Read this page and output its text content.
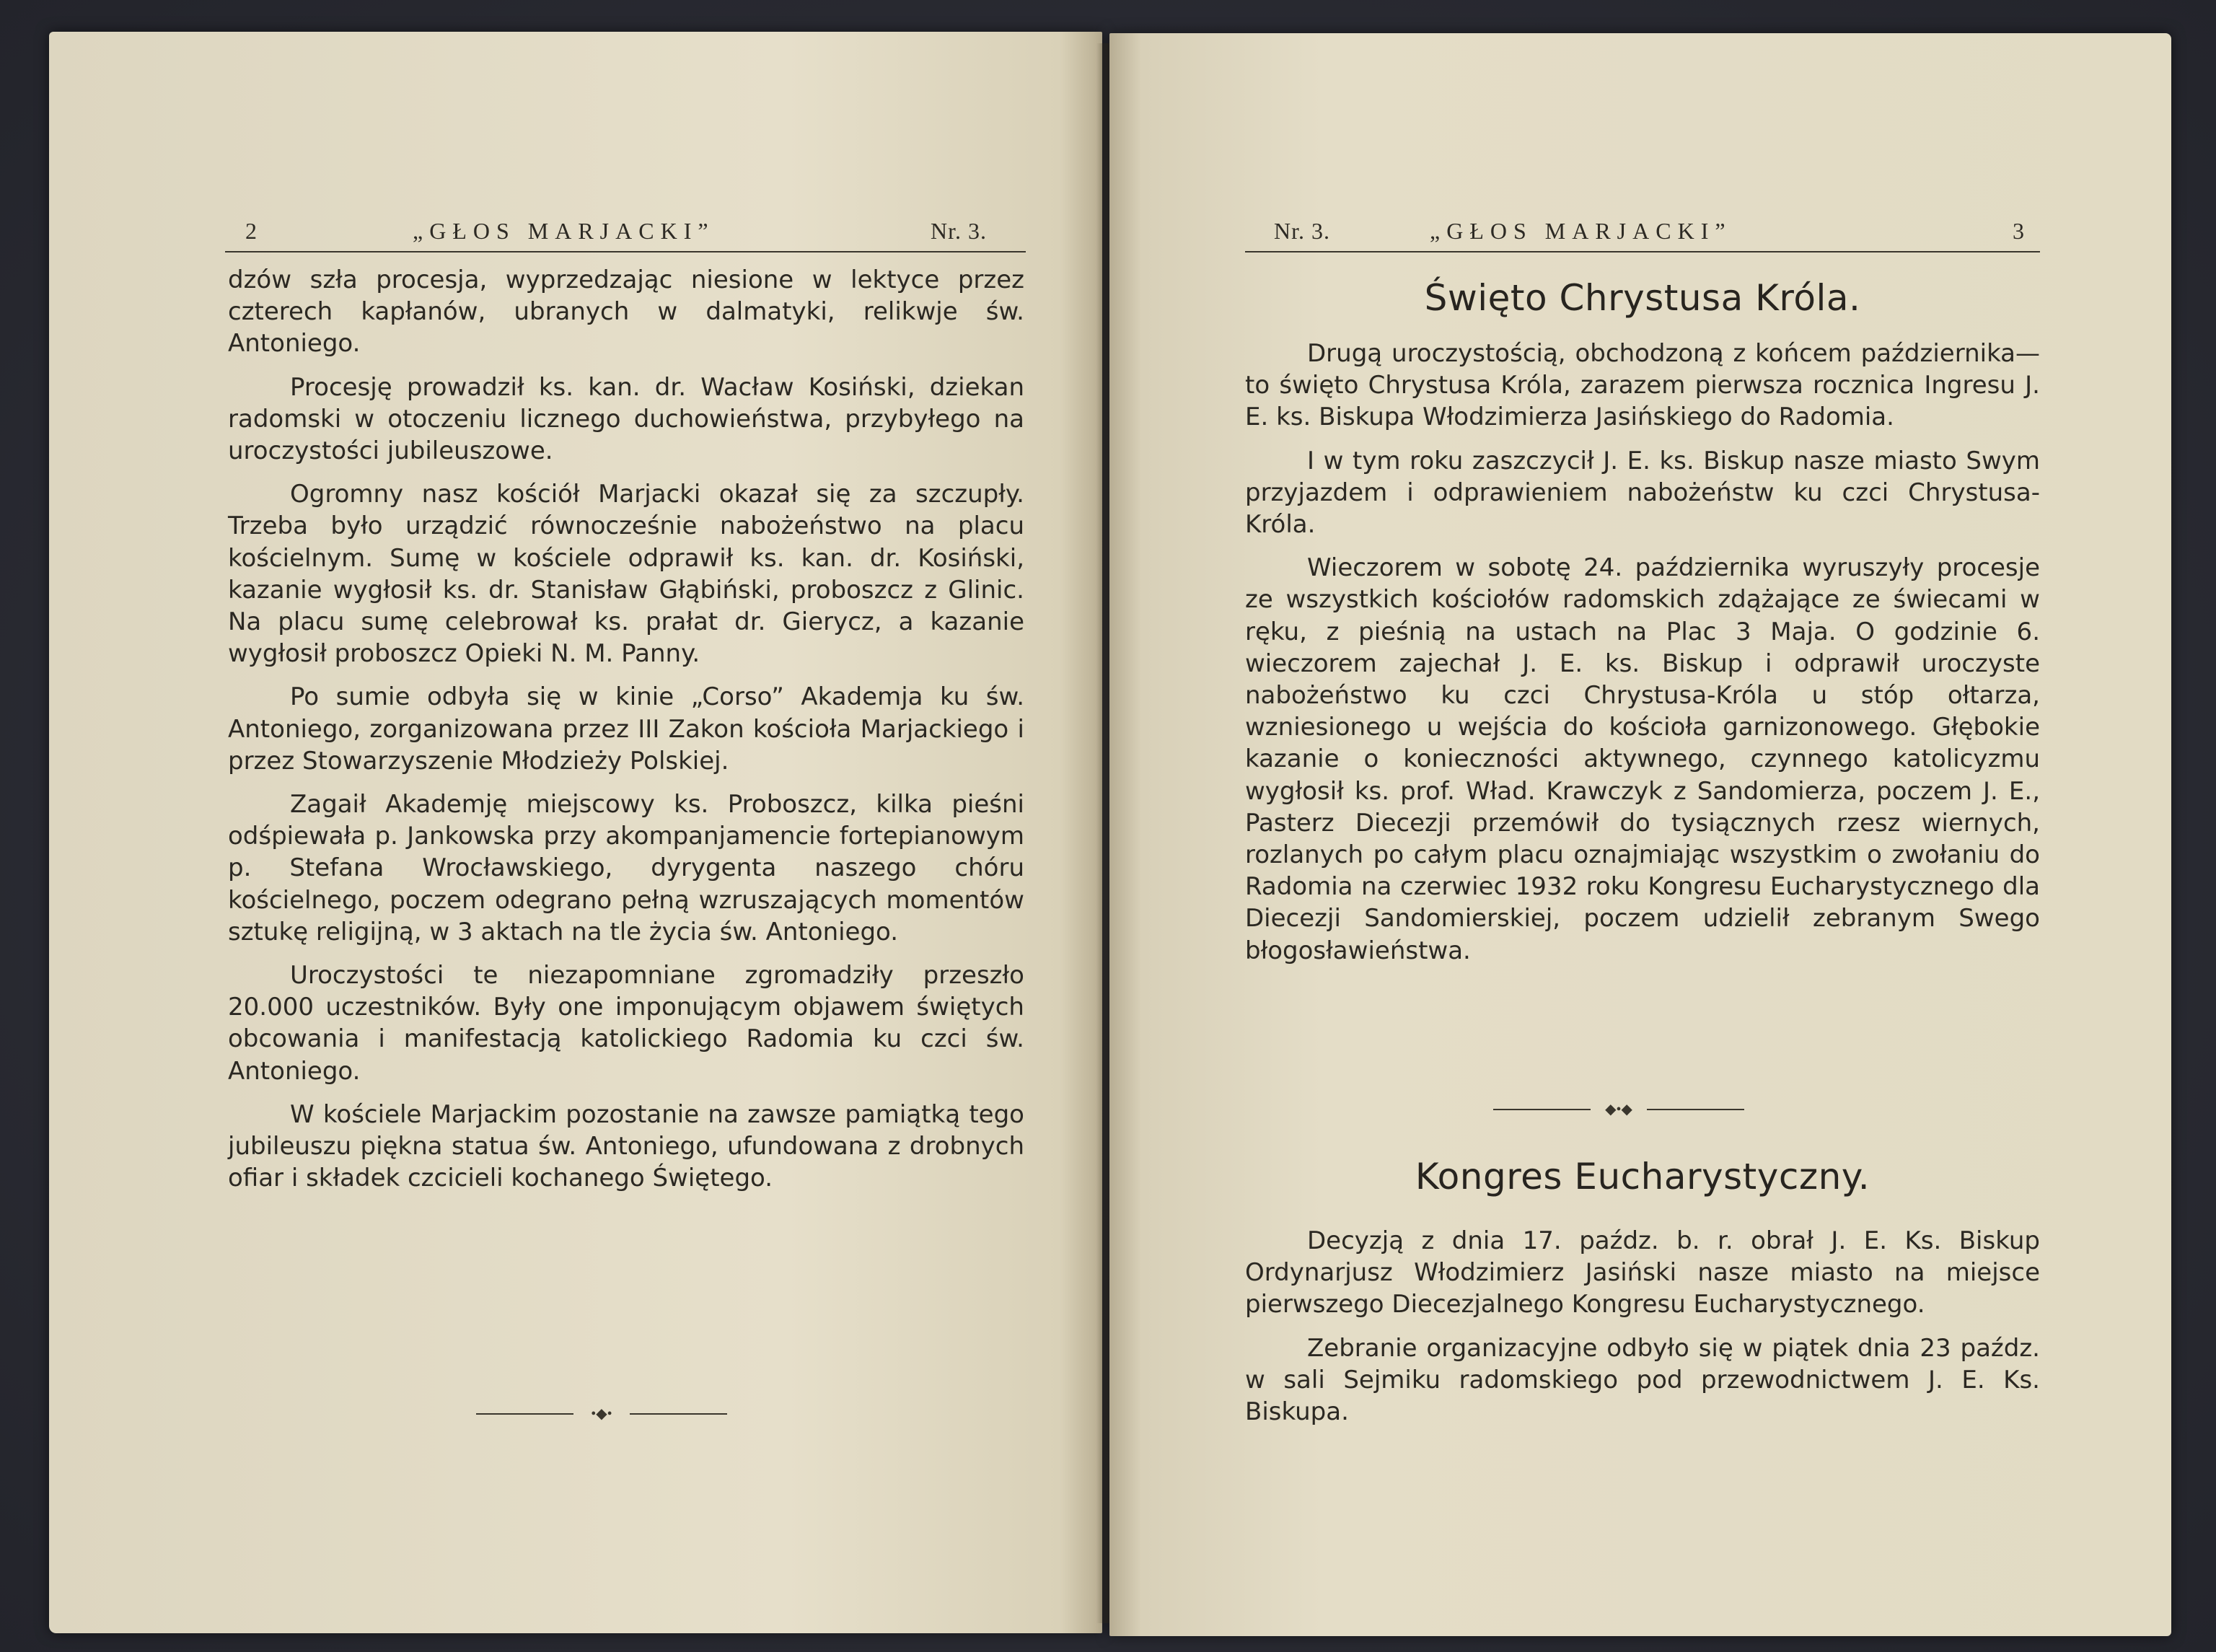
2	„GŁOS MARJACKI”	Nr. 3.

dzów szła procesja, wyprzedzając niesione w lektyce przez czterech kapłanów, ubranych w dalmatyki, relikwje św. Antoniego.

Procesję prowadził ks. kan. dr. Wacław Kosiński, dziekan radomski w otoczeniu licznego duchowieństwa, przybyłego na uroczystości jubileuszowe.

Ogromny nasz kościół Marjacki okazał się za szczupły. Trzeba było urządzić równocześnie nabożeństwo na placu kościelnym. Sumę w kościele odprawił ks. kan. dr. Kosiński, kazanie wygłosił ks. dr. Stanisław Głąbiński, proboszcz z Glinic. Na placu sumę celebrował ks. prałat dr. Gierycz, a kazanie wygłosił proboszcz Opieki N. M. Panny.

Po sumie odbyła się w kinie „Corso” Akademja ku św. Antoniego, zorganizowana przez III Zakon kościoła Marjackiego i przez Stowarzyszenie Młodzieży Polskiej.

Zagaił Akademję miejscowy ks. Proboszcz, kilka pieśni odśpiewała p. Jankowska przy akompanjamencie fortepianowym p. Stefana Wrocławskiego, dyrygenta naszego chóru kościelnego, poczem odegrano pełną wzruszających momentów sztukę religijną, w 3 aktach na tle życia św. Antoniego.

Uroczystości te niezapomniane zgromadziły przeszło 20.000 uczestników. Były one imponującym objawem świętych obcowania i manifestacją katolickiego Radomia ku czci św. Antoniego.

W kościele Marjackim pozostanie na zawsze pamiątką tego jubileuszu piękna statua św. Antoniego, ufundowana z drobnych ofiar i składek czcicieli kochanego Świętego.

•◆•
Nr. 3.	„GŁOS MARJACKI”	3
Święto Chrystusa Króla.

Drugą uroczystością, obchodzoną z końcem października—to święto Chrystusa Króla, zarazem pierwsza rocznica Ingresu J. E. ks. Biskupa Włodzimierza Jasińskiego do Radomia.

I w tym roku zaszczycił J. E. ks. Biskup nasze miasto Swym przyjazdem i odprawieniem nabożeństw ku czci Chrystusa-Króla.

Wieczorem w sobotę 24. października wyruszyły procesje ze wszystkich kościołów radomskich zdążające ze świecami w ręku, z pieśnią na ustach na Plac 3 Maja. O godzinie 6. wieczorem zajechał J. E. ks. Biskup i odprawił uroczyste nabożeństwo ku czci Chrystusa-Króla u stóp ołtarza, wzniesionego u wejścia do kościoła garnizonowego. Głębokie kazanie o konieczności aktywnego, czynnego katolicyzmu wygłosił ks. prof. Wład. Krawczyk z Sandomierza, poczem J. E., Pasterz Diecezji przemówił do tysiącznych rzesz wiernych, rozlanych po całym placu oznajmiając wszystkim o zwołaniu do Radomia na czerwiec 1932 roku Kongresu Eucharystycznego dla Diecezji Sandomierskiej, poczem udzielił zebranym Swego błogosławieństwa.

◆•◆
Kongres Eucharystyczny.

Decyzją z dnia 17. paźdz. b. r. obrał J. E. Ks. Biskup Ordynarjusz Włodzimierz Jasiński nasze miasto na miejsce pierwszego Diecezjalnego Kongresu Eucharystycznego.

Zebranie organizacyjne odbyło się w piątek dnia 23 paźdz. w sali Sejmiku radomskiego pod przewodnictwem J. E. Ks. Biskupa.
